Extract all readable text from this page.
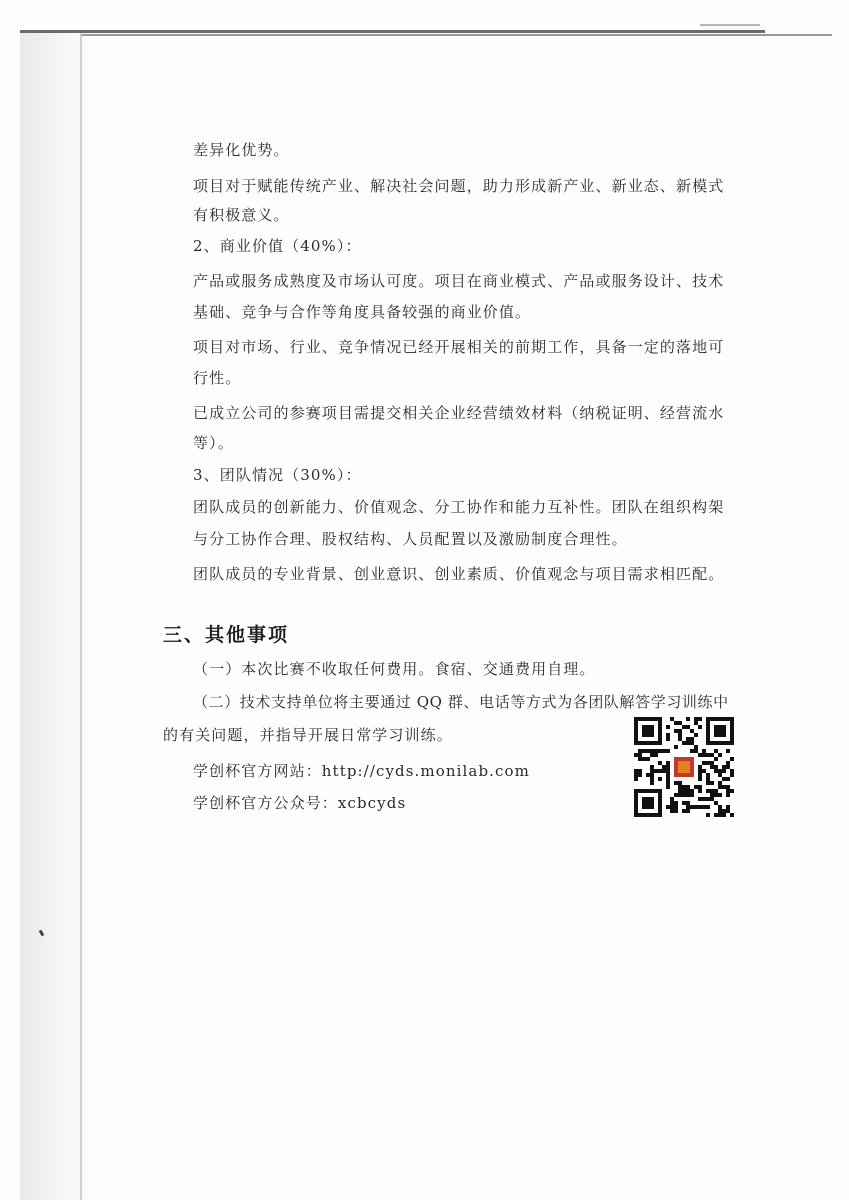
差异化优势。
项目对于赋能传统产业、解决社会问题，助力形成新产业、新业态、新模式
有积极意义。
2、商业价值（40%）：
产品或服务成熟度及市场认可度。项目在商业模式、产品或服务设计、技术
基础、竞争与合作等角度具备较强的商业价值。
项目对市场、行业、竞争情况已经开展相关的前期工作，具备一定的落地可
行性。
已成立公司的参赛项目需提交相关企业经营绩效材料（纳税证明、经营流水
等）。
3、团队情况（30%）：
团队成员的创新能力、价值观念、分工协作和能力互补性。团队在组织构架
与分工协作合理、股权结构、人员配置以及激励制度合理性。
团队成员的专业背景、创业意识、创业素质、价值观念与项目需求相匹配。
三、其他事项
（一）本次比赛不收取任何费用。食宿、交通费用自理。
（二）技术支持单位将主要通过 QQ 群、电话等方式为各团队解答学习训练中
的有关问题，并指导开展日常学习训练。
学创杯官方网站：http://cyds.monilab.com
学创杯官方公众号：xcbcyds
